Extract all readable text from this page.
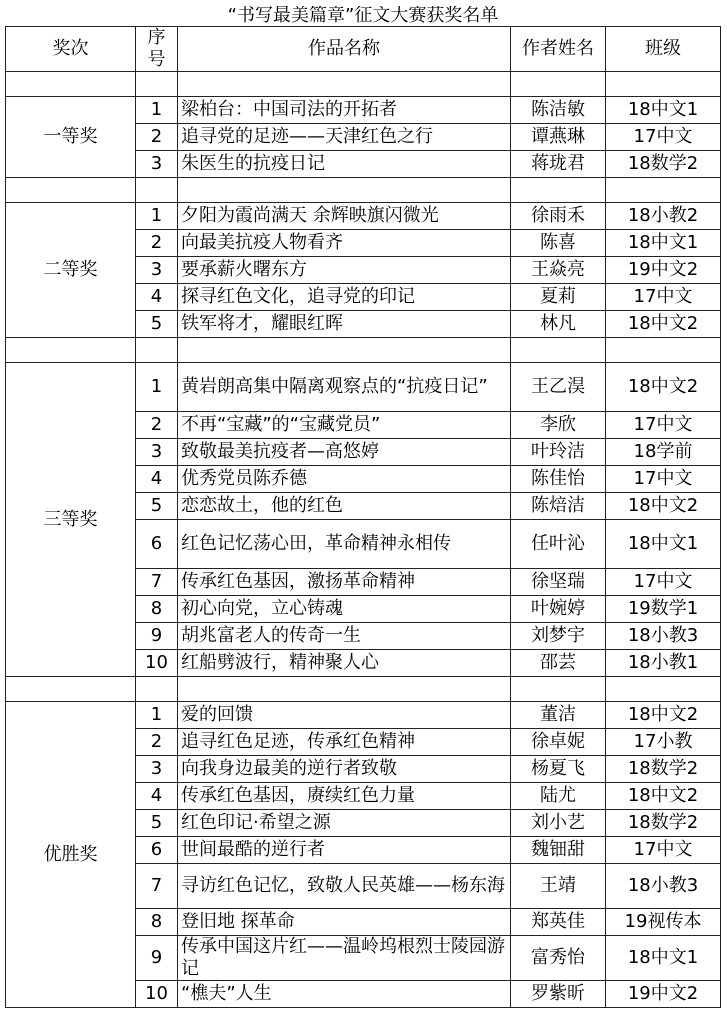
“书写最美篇章”征文大赛获奖名单				
奖次	序号	作品名称	作者姓名	班级

一等奖	1	梁柏台：中国司法的开拓者	陈洁敏	18中文1
	2	追寻党的足迹——天津红色之行	谭燕琳	17中文
	3	朱医生的抗疫日记	蒋珑君	18数学2

二等奖	1	夕阳为霞尚满天 余辉映旗闪微光	徐雨禾	18小教2
	2	向最美抗疫人物看齐	陈喜	18中文1
	3	要承薪火曙东方	王焱亮	19中文2
	4	探寻红色文化，追寻党的印记	夏莉	17中文
	5	铁军将才，耀眼红晖	林凡	18中文2

三等奖	1	黄岩朗高集中隔离观察点的“抗疫日记”	王乙淏	18中文2
	2	不再“宝藏”的“宝藏党员”	李欣	17中文
	3	致敬最美抗疫者—高悠婷	叶玲洁	18学前
	4	优秀党员陈乔德	陈佳怡	17中文
	5	恋恋故土，他的红色	陈焙洁	18中文2
	6	红色记忆荡心田，革命精神永相传	任叶沁	18中文1
	7	传承红色基因，激扬革命精神	徐坚瑞	17中文
	8	初心向党，立心铸魂	叶婉婷	19数学1
	9	胡兆富老人的传奇一生	刘梦宇	18小教3
	10	红船劈波行，精神聚人心	邵芸	18小教1

优胜奖	1	爱的回馈	董洁	18中文2
	2	追寻红色足迹，传承红色精神	徐卓妮	17小教
	3	向我身边最美的逆行者致敬	杨夏飞	18数学2
	4	传承红色基因，赓续红色力量	陆尤	18中文2
	5	红色印记·希望之源	刘小艺	18数学2
	6	世间最酷的逆行者	魏钿甜	17中文
	7	寻访红色记忆，致敬人民英雄——杨东海	王靖	18小教3
	8	登旧地 探革命	郑英佳	19视传本
	9	传承中国这片红——温岭坞根烈士陵园游记	富秀怡	18中文1
	10	“樵夫”人生	罗紫昕	19中文2
